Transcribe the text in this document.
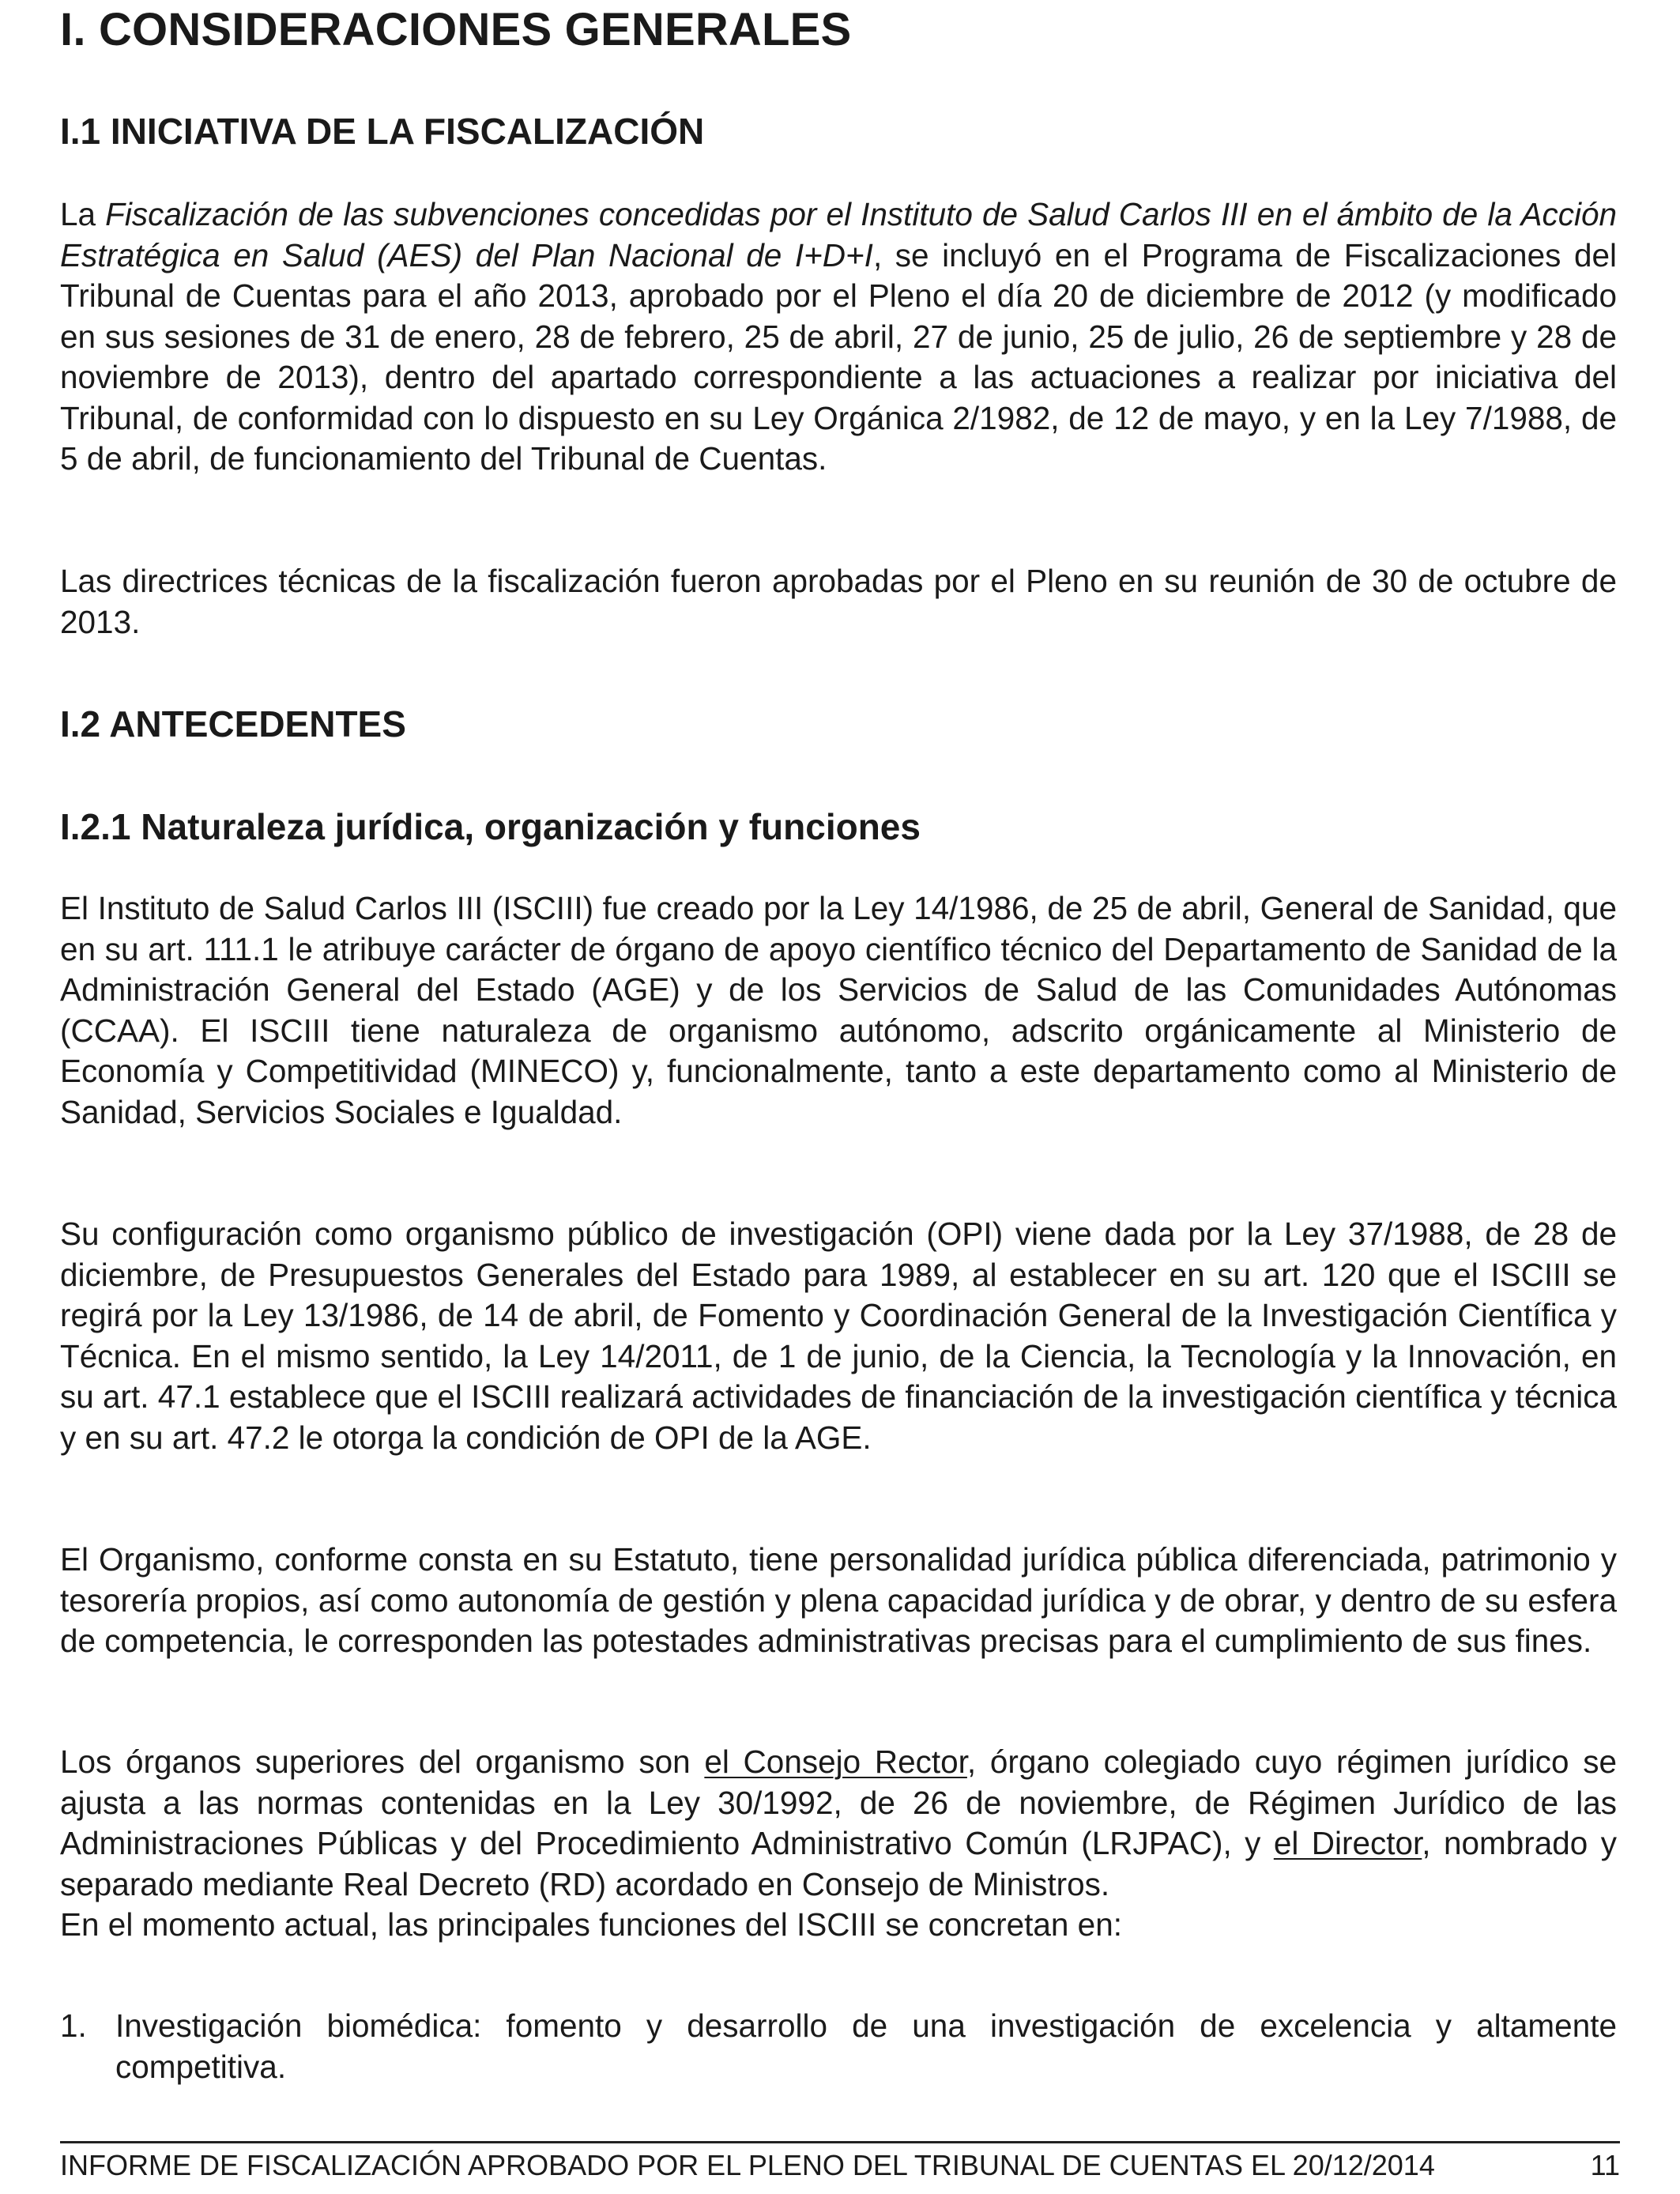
I. CONSIDERACIONES GENERALES
I.1 INICIATIVA DE LA FISCALIZACIÓN

La Fiscalización de las subvenciones concedidas por el Instituto de Salud Carlos III en el ámbito de la Acción Estratégica en Salud (AES) del Plan Nacional de I+D+I, se incluyó en el Programa de Fiscalizaciones del Tribunal de Cuentas para el año 2013, aprobado por el Pleno el día 20 de diciembre de 2012 (y modificado en sus sesiones de 31 de enero, 28 de febrero, 25 de abril, 27 de junio, 25 de julio, 26 de septiembre y 28 de noviembre de 2013), dentro del apartado correspondiente a las actuaciones a realizar por iniciativa del Tribunal, de conformidad con lo dispuesto en su Ley Orgánica 2/1982, de 12 de mayo, y en la Ley 7/1988, de 5 de abril, de funcionamiento del Tribunal de Cuentas.

Las directrices técnicas de la fiscalización fueron aprobadas por el Pleno en su reunión de 30 de octubre de 2013.

I.2 ANTECEDENTES
I.2.1 Naturaleza jurídica, organización y funciones

El Instituto de Salud Carlos III (ISCIII) fue creado por la Ley 14/1986, de 25 de abril, General de Sanidad, que en su art. 111.1 le atribuye carácter de órgano de apoyo científico técnico del Departamento de Sanidad de la Administración General del Estado (AGE) y de los Servicios de Salud de las Comunidades Autónomas (CCAA). El ISCIII tiene naturaleza de organismo autónomo, adscrito orgánicamente al Ministerio de Economía y Competitividad (MINECO) y, funcionalmente, tanto a este departamento como al Ministerio de Sanidad, Servicios Sociales e Igualdad.

Su configuración como organismo público de investigación (OPI) viene dada por la Ley 37/1988, de 28 de diciembre, de Presupuestos Generales del Estado para 1989, al establecer en su art. 120 que el ISCIII se regirá por la Ley 13/1986, de 14 de abril, de Fomento y Coordinación General de la Investigación Científica y Técnica. En el mismo sentido, la Ley 14/2011, de 1 de junio, de la Ciencia, la Tecnología y la Innovación, en su art. 47.1 establece que el ISCIII realizará actividades de financiación de la investigación científica y técnica y en su art. 47.2 le otorga la condición de OPI de la AGE.

El Organismo, conforme consta en su Estatuto, tiene personalidad jurídica pública diferenciada, patrimonio y tesorería propios, así como autonomía de gestión y plena capacidad jurídica y de obrar, y dentro de su esfera de competencia, le corresponden las potestades administrativas precisas para el cumplimiento de sus fines.

Los órganos superiores del organismo son el Consejo Rector, órgano colegiado cuyo régimen jurídico se ajusta a las normas contenidas en la Ley 30/1992, de 26 de noviembre, de Régimen Jurídico de las Administraciones Públicas y del Procedimiento Administrativo Común (LRJPAC), y el Director, nombrado y separado mediante Real Decreto (RD) acordado en Consejo de Ministros.

En el momento actual, las principales funciones del ISCIII se concretan en:

1. Investigación biomédica: fomento y desarrollo de una investigación de excelencia y altamente competitiva.
INFORME DE FISCALIZACIÓN APROBADO POR EL PLENO DEL TRIBUNAL DE CUENTAS EL 20/12/2014	11
